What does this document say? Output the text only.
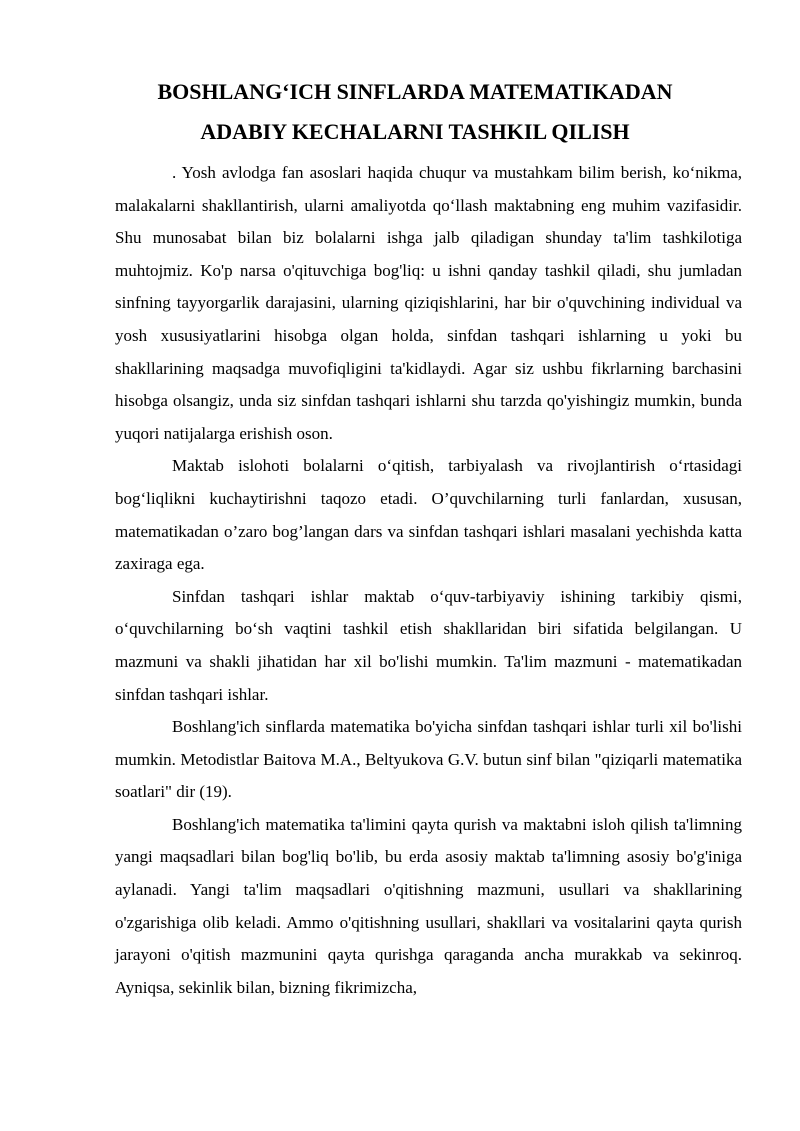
BOSHLANG‘ICH SINFLARDA MATEMATIKADAN
ADABIY KECHALARNI TASHKIL QILISH

. Yosh avlodga fan asoslari haqida chuqur va mustahkam bilim berish, ko‘nikma, malakalarni shakllantirish, ularni amaliyotda qo‘llash maktabning eng muhim vazifasidir. Shu munosabat bilan biz bolalarni ishga jalb qiladigan shunday ta'lim tashkilotiga muhtojmiz. Ko'p narsa o'qituvchiga bog'liq: u ishni qanday tashkil qiladi, shu jumladan sinfning tayyorgarlik darajasini, ularning qiziqishlarini, har bir o'quvchining individual va yosh xususiyatlarini hisobga olgan holda, sinfdan tashqari ishlarning u yoki bu shakllarining maqsadga muvofiqligini ta'kidlaydi. Agar siz ushbu fikrlarning barchasini hisobga olsangiz, unda siz sinfdan tashqari ishlarni shu tarzda qo'yishingiz mumkin, bunda yuqori natijalarga erishish oson.

Maktab islohoti bolalarni o‘qitish, tarbiyalash va rivojlantirish o‘rtasidagi bog‘liqlikni kuchaytirishni taqozo etadi. O’quvchilarning turli fanlardan, xususan, matematikadan o’zaro bog’langan dars va sinfdan tashqari ishlari masalani yechishda katta zaxiraga ega.

Sinfdan tashqari ishlar maktab o‘quv-tarbiyaviy ishining tarkibiy qismi, o‘quvchilarning bo‘sh vaqtini tashkil etish shakllaridan biri sifatida belgilangan. U mazmuni va shakli jihatidan har xil bo'lishi mumkin. Ta'lim mazmuni - matematikadan sinfdan tashqari ishlar.

Boshlang'ich sinflarda matematika bo'yicha sinfdan tashqari ishlar turli xil bo'lishi mumkin. Metodistlar Baitova M.A., Beltyukova G.V. butun sinf bilan "qiziqarli matematika soatlari" dir (19).

Boshlang'ich matematika ta'limini qayta qurish va maktabni isloh qilish ta'limning yangi maqsadlari bilan bog'liq bo'lib, bu erda asosiy maktab ta'limning asosiy bo'g'iniga aylanadi. Yangi ta'lim maqsadlari o'qitishning mazmuni, usullari va shakllarining o'zgarishiga olib keladi. Ammo o'qitishning usullari, shakllari va vositalarini qayta qurish jarayoni o'qitish mazmunini qayta qurishga qaraganda ancha murakkab va sekinroq. Ayniqsa, sekinlik bilan, bizning fikrimizcha,
